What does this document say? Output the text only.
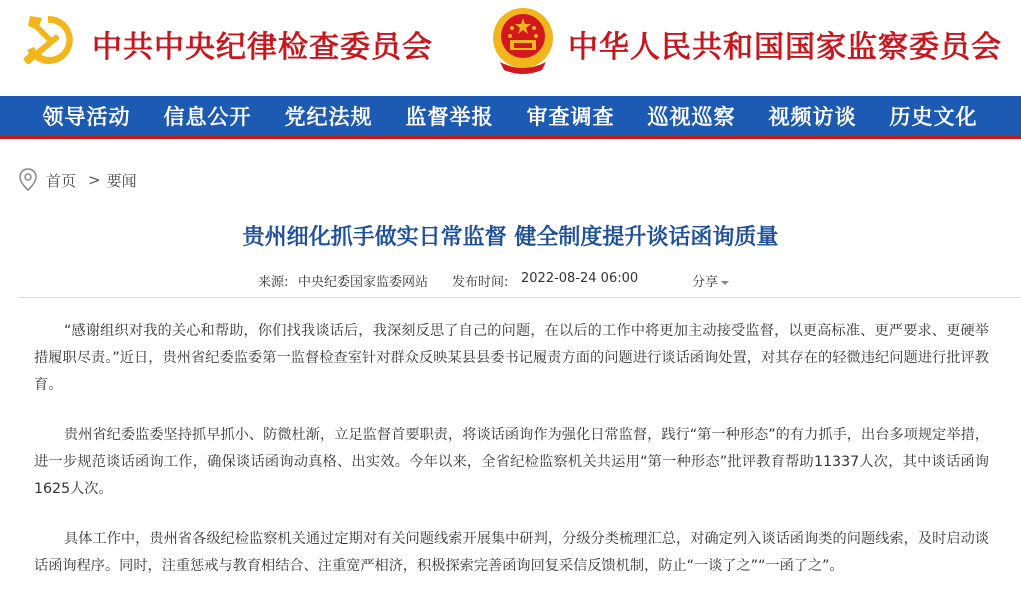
中共中央纪律检查委员会	中华人民共和国国家监察委员会
领导活动	信息公开	党纪法规	监督举报	审查调查	巡视巡察	视频访谈	历史文化
首页 > 要闻
贵州细化抓手做实日常监督 健全制度提升谈话函询质量
来源: 中央纪委国家监委网站 发布时间: 2022-08-24 06:00	分享

“感谢组织对我的关心和帮助，你们找我谈话后，我深刻反思了自己的问题，在以后的工作中将更加主动接受监督，以更高标准、更严要求、更硬举措履职尽责。”近日，贵州省纪委监委第一监督检查室针对群众反映某县县委书记履责方面的问题进行谈话函询处置，对其存在的轻微违纪问题进行批评教育。

贵州省纪委监委坚持抓早抓小、防微杜渐，立足监督首要职责，将谈话函询作为强化日常监督，践行“第一种形态”的有力抓手，出台多项规定举措，进一步规范谈话函询工作，确保谈话函询动真格、出实效。今年以来，全省纪检监察机关共运用“第一种形态”批评教育帮助11337人次，其中谈话函询1625人次。

具体工作中，贵州省各级纪检监察机关通过定期对有关问题线索开展集中研判，分级分类梳理汇总，对确定列入谈话函询类的问题线索，及时启动谈话函询程序。同时，注重惩戒与教育相结合、注重宽严相济，积极探索完善函询回复采信反馈机制，防止“一谈了之”“一函了之”。
